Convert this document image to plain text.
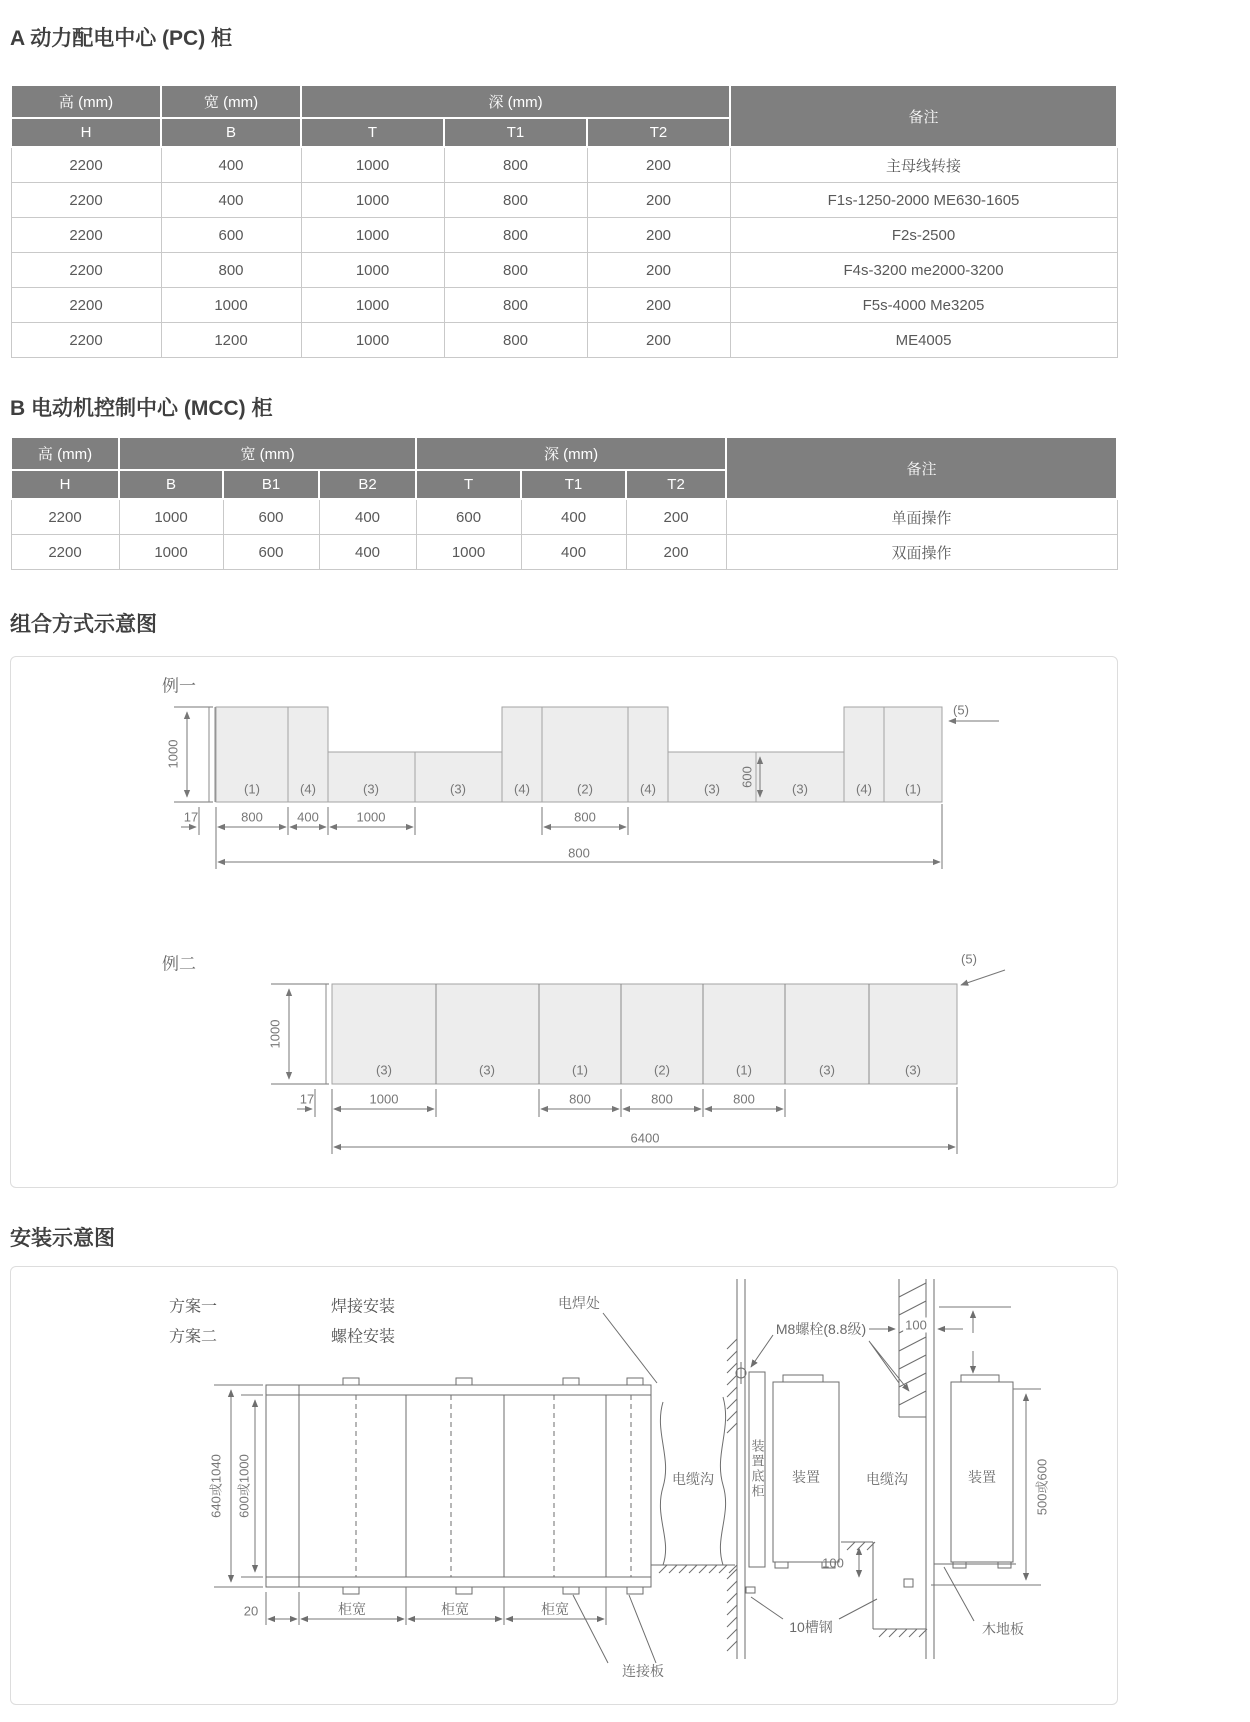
A 动力配电中心 (PC) 柜
高 (mm)	宽 (mm)	深 (mm)			备注
H	B	T	T1	T2	
2200	400	1000	800	200	主母线转接
2200	400	1000	800	200	F1s-1250-2000 ME630-1605
2200	600	1000	800	200	F2s-2500
2200	800	1000	800	200	F4s-3200 me2000-3200
2200	1000	1000	800	200	F5s-4000 Me3205
2200	1200	1000	800	200	ME4005
B 电动机控制中心 (MCC) 柜
高 (mm)	宽 (mm)			深 (mm)			备注
H	B	B1	B2	T	T1	T2	
2200	1000	600	400	600	400	200	单面操作
2200	1000	600	400	1000	400	200	双面操作
组合方式示意图
例一
1000
600
(5)
(1)	(4)	(3)	(3)	(4)	(2)	(4)	(3)	(3)	(4)	(1)
17	800	400	1000	800
800
例二
1000
(5)
(3)	(3)	(1)	(2)	(1)	(3)	(3)
17	1000	800	800	800
6400
安装示意图
方案一	焊接安装
方案二	螺栓安装
电焊处
M8螺栓(8.8级)	100
电缆沟	装置底柜 装置	电缆沟	装置	500或600
100
10槽钢	木地板
连接板
640或1040 600或1000
20	柜宽	柜宽	柜宽
